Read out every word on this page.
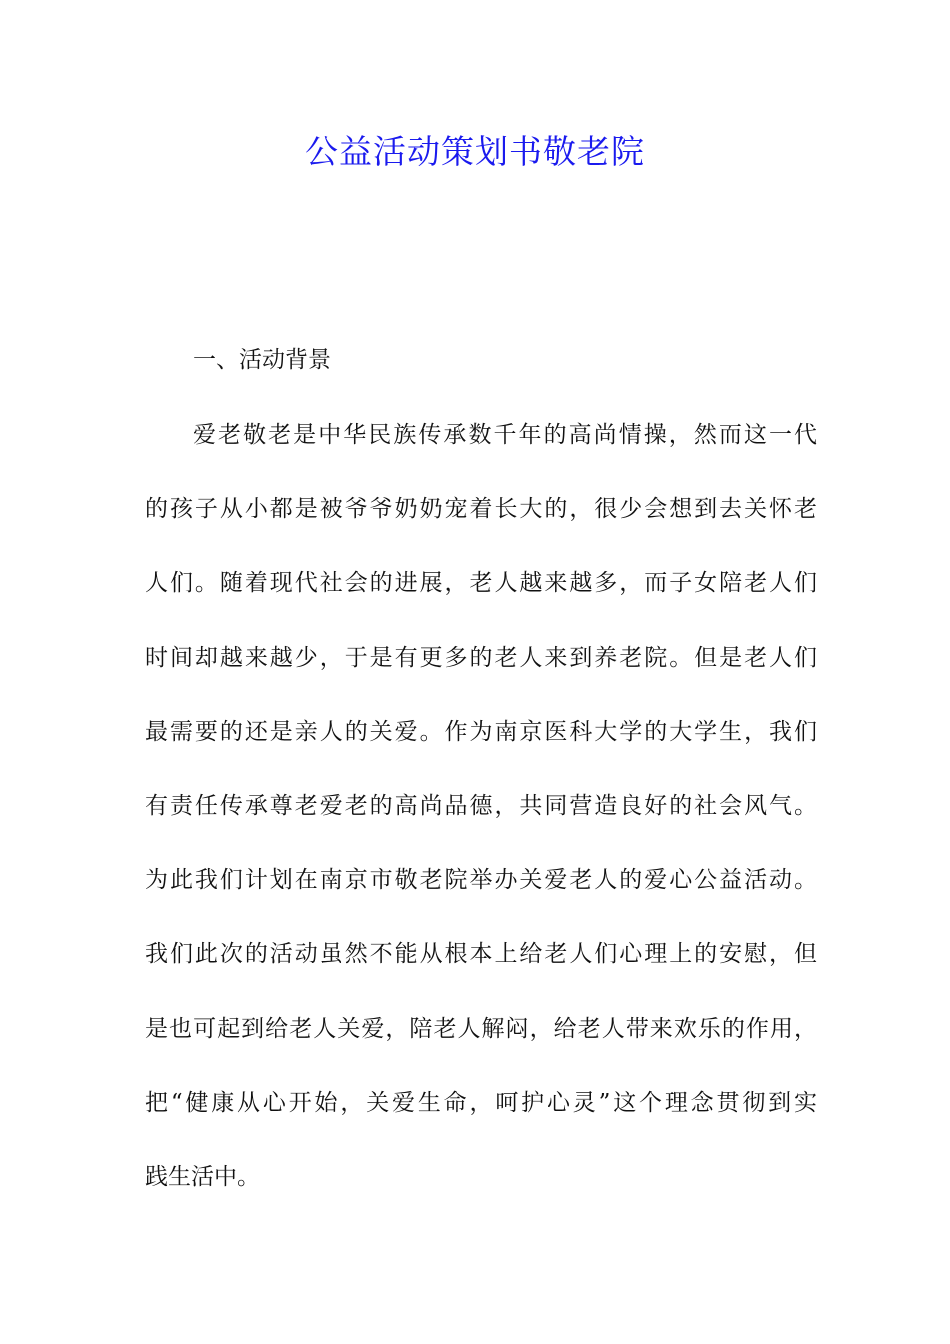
公益活动策划书敬老院
一、活动背景
爱老敬老是中华民族传承数千年的高尚情操，然而这一代
的孩子从小都是被爷爷奶奶宠着长大的，很少会想到去关怀老
人们。随着现代社会的进展，老人越来越多，而子女陪老人们
时间却越来越少，于是有更多的老人来到养老院。但是老人们
最需要的还是亲人的关爱。作为南京医科大学的大学生，我们
有责任传承尊老爱老的高尚品德，共同营造良好的社会风气。
为此我们计划在南京市敬老院举办关爱老人的爱心公益活动。
我们此次的活动虽然不能从根本上给老人们心理上的安慰，但
是也可起到给老人关爱，陪老人解闷，给老人带来欢乐的作用，
把“健康从心开始，关爱生命，呵护心灵”这个理念贯彻到实
践生活中。
